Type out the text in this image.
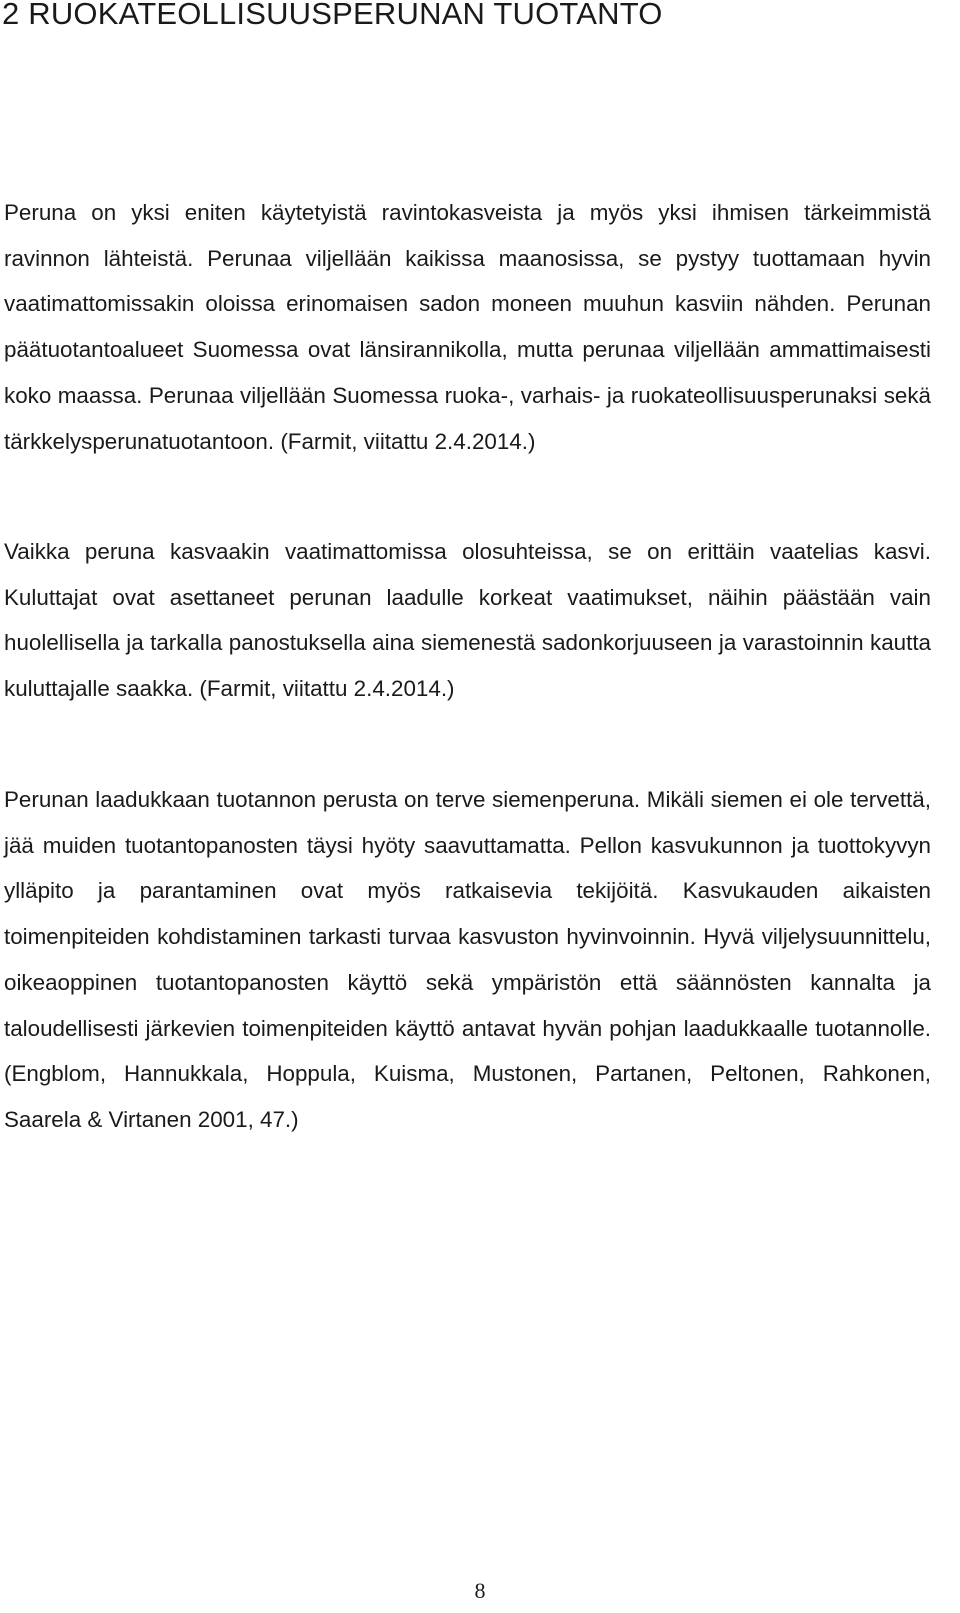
2 RUOKATEOLLISUUSPERUNAN TUOTANTO

Peruna on yksi eniten käytetyistä ravintokasveista ja myös yksi ihmisen tärkeimmistä ravinnon lähteistä. Perunaa viljellään kaikissa maanosissa, se pystyy tuottamaan hyvin vaatimattomissakin oloissa erinomaisen sadon moneen muuhun kasviin nähden. Perunan päätuotantoalueet Suomessa ovat länsirannikolla, mutta perunaa viljellään ammattimaisesti koko maassa. Perunaa viljellään Suomessa ruoka-, varhais- ja ruokateollisuusperunaksi sekä tärkkelysperunatuotantoon. (Farmit, viitattu 2.4.2014.)

Vaikka peruna kasvaakin vaatimattomissa olosuhteissa, se on erittäin vaatelias kasvi. Kuluttajat ovat asettaneet perunan laadulle korkeat vaatimukset, näihin päästään vain huolellisella ja tarkalla panostuksella aina siemenestä sadonkorjuuseen ja varastoinnin kautta kuluttajalle saakka. (Farmit, viitattu 2.4.2014.)

Perunan laadukkaan tuotannon perusta on terve siemenperuna. Mikäli siemen ei ole tervettä, jää muiden tuotantopanosten täysi hyöty saavuttamatta. Pellon kasvukunnon ja tuottokyvyn ylläpito ja parantaminen ovat myös ratkaisevia tekijöitä. Kasvukauden aikaisten toimenpiteiden kohdistaminen tarkasti turvaa kasvuston hyvinvoinnin. Hyvä viljelysuunnittelu, oikeaoppinen tuotantopanosten käyttö sekä ympäristön että säännösten kannalta ja taloudellisesti järkevien toimenpiteiden käyttö antavat hyvän pohjan laadukkaalle tuotannolle. (Engblom, Hannukkala, Hoppula, Kuisma, Mustonen, Partanen, Peltonen, Rahkonen, Saarela & Virtanen 2001, 47.)

8
